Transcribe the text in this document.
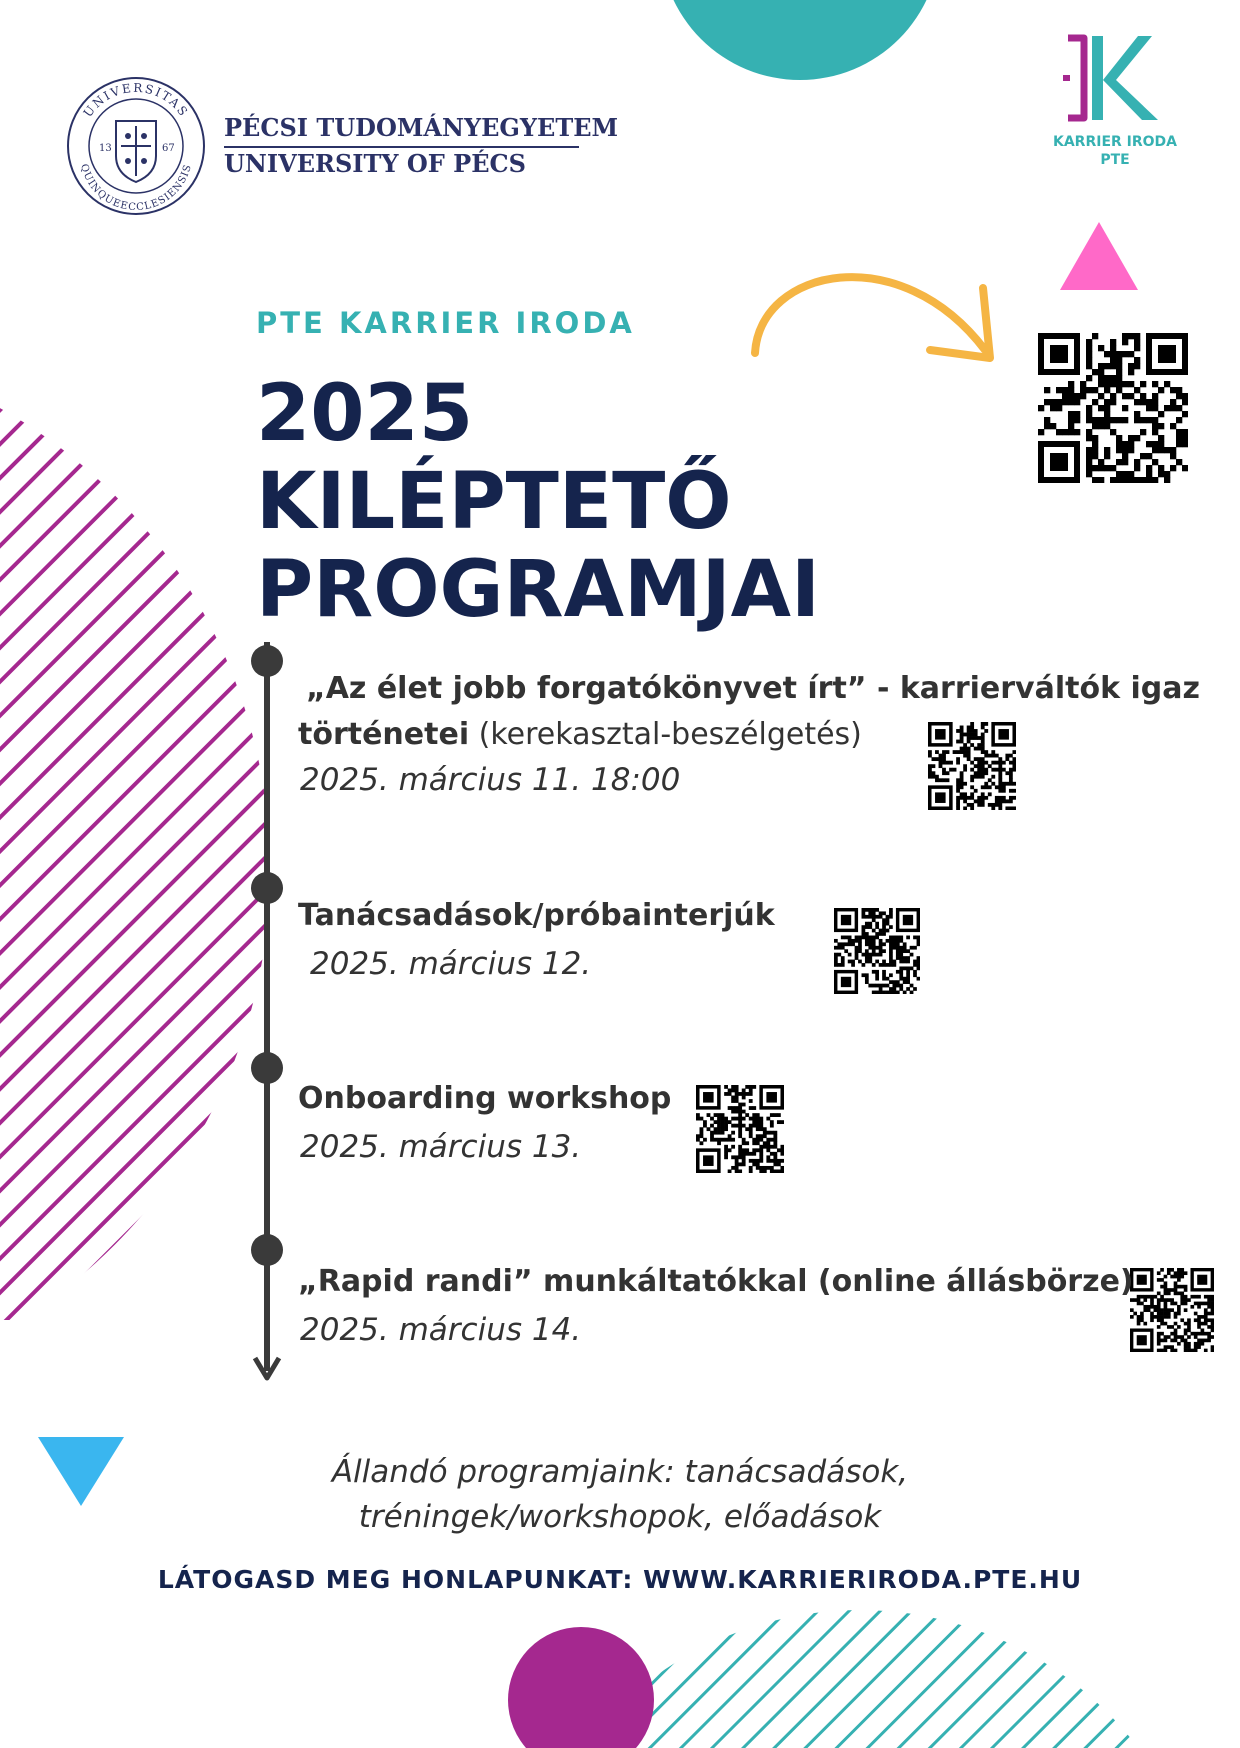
13	67
UNIVERSITAS
QUINQUEECCLESIENSIS
PÉCSI TUDOMÁNYEGYETEM
UNIVERSITY OF PÉCS
KARRIER IRODA
PTE
PTE KARRIER IRODA
2025
KILÉPTETŐ
PROGRAMJAI
„Az élet jobb forgatókönyvet írt” - karrierváltók igaz
történetei (kerekasztal-beszélgetés)
2025. március 11. 18:00
Tanácsadások/próbainterjúk
2025. március 12.
Onboarding workshop
2025. március 13.
„Rapid randi” munkáltatókkal (online állásbörze)
2025. március 14.
Állandó programjaink: tanácsadások,
tréningek/workshopok, előadások
LÁTOGASD MEG HONLAPUNKAT: WWW.KARRIERIRODA.PTE.HU
